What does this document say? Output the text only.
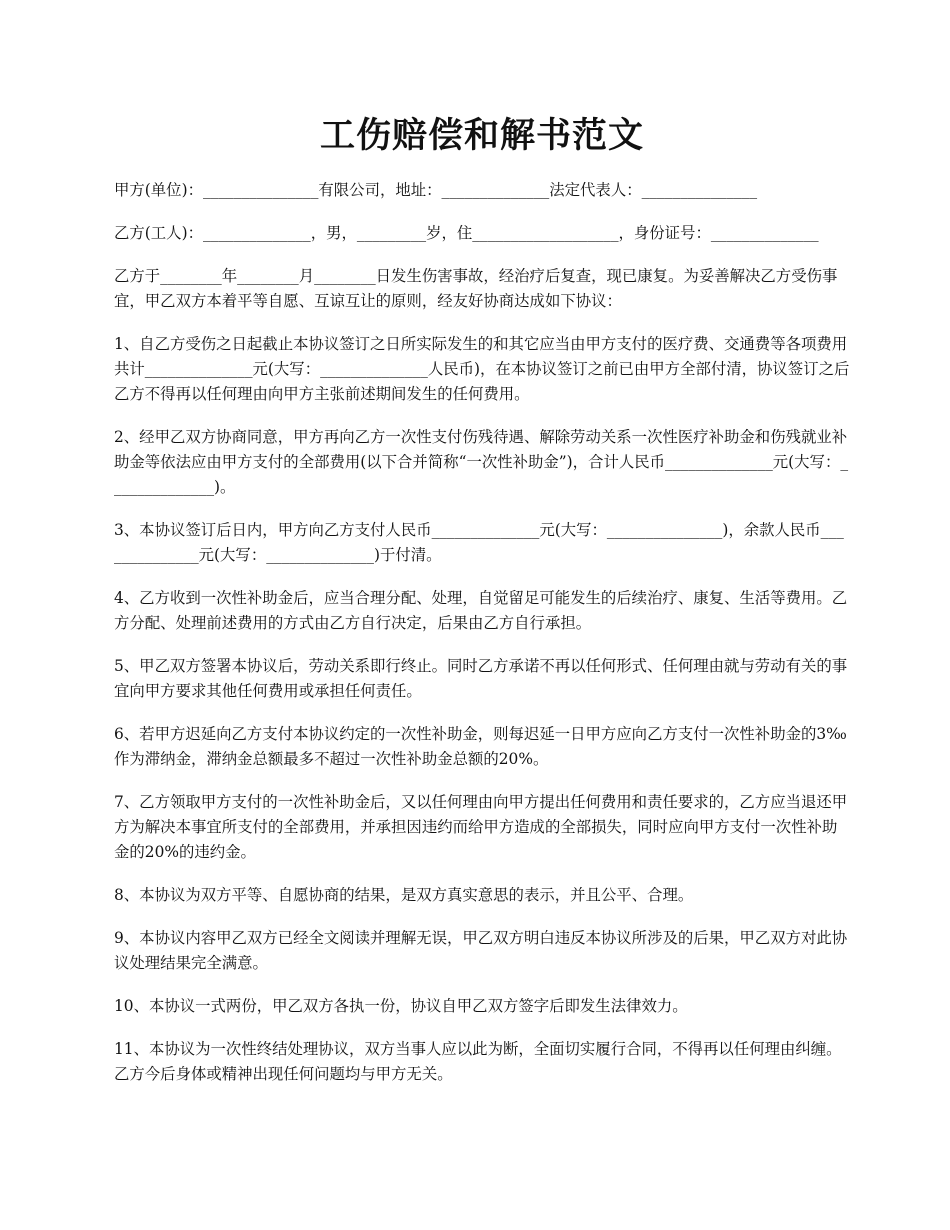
工伤赔偿和解书范文

甲方(单位)：_______________有限公司，地址：______________法定代表人：_______________

乙方(工人)：______________，男，_________岁，住___________________，身份证号：______________

乙方于________年________月________日发生伤害事故，经治疗后复查，现已康复。为妥善解决乙方受伤事宜，甲乙双方本着平等自愿、互谅互让的原则，经友好协商达成如下协议：

1、自乙方受伤之日起截止本协议签订之日所实际发生的和其它应当由甲方支付的医疗费、交通费等各项费用共计______________元(大写：______________人民币)，在本协议签订之前已由甲方全部付清，协议签订之后乙方不得再以任何理由向甲方主张前述期间发生的任何费用。

2、经甲乙双方协商同意，甲方再向乙方一次性支付伤残待遇、解除劳动关系一次性医疗补助金和伤残就业补助金等依法应由甲方支付的全部费用(以下合并简称“一次性补助金”)，合计人民币______________元(大写：______________)。

3、本协议签订后日内，甲方向乙方支付人民币______________元(大写：_______________)，余款人民币______________元(大写：______________)于付清。

4、乙方收到一次性补助金后，应当合理分配、处理，自觉留足可能发生的后续治疗、康复、生活等费用。乙方分配、处理前述费用的方式由乙方自行决定，后果由乙方自行承担。

5、甲乙双方签署本协议后，劳动关系即行终止。同时乙方承诺不再以任何形式、任何理由就与劳动有关的事宜向甲方要求其他任何费用或承担任何责任。

6、若甲方迟延向乙方支付本协议约定的一次性补助金，则每迟延一日甲方应向乙方支付一次性补助金的3‰作为滞纳金，滞纳金总额最多不超过一次性补助金总额的20%。

7、乙方领取甲方支付的一次性补助金后，又以任何理由向甲方提出任何费用和责任要求的，乙方应当退还甲方为解决本事宜所支付的全部费用，并承担因违约而给甲方造成的全部损失，同时应向甲方支付一次性补助金的20%的违约金。

8、本协议为双方平等、自愿协商的结果，是双方真实意思的表示，并且公平、合理。

9、本协议内容甲乙双方已经全文阅读并理解无误，甲乙双方明白违反本协议所涉及的后果，甲乙双方对此协议处理结果完全满意。

10、本协议一式两份，甲乙双方各执一份，协议自甲乙双方签字后即发生法律效力。

11、本协议为一次性终结处理协议，双方当事人应以此为断，全面切实履行合同，不得再以任何理由纠缠。乙方今后身体或精神出现任何问题均与甲方无关。
